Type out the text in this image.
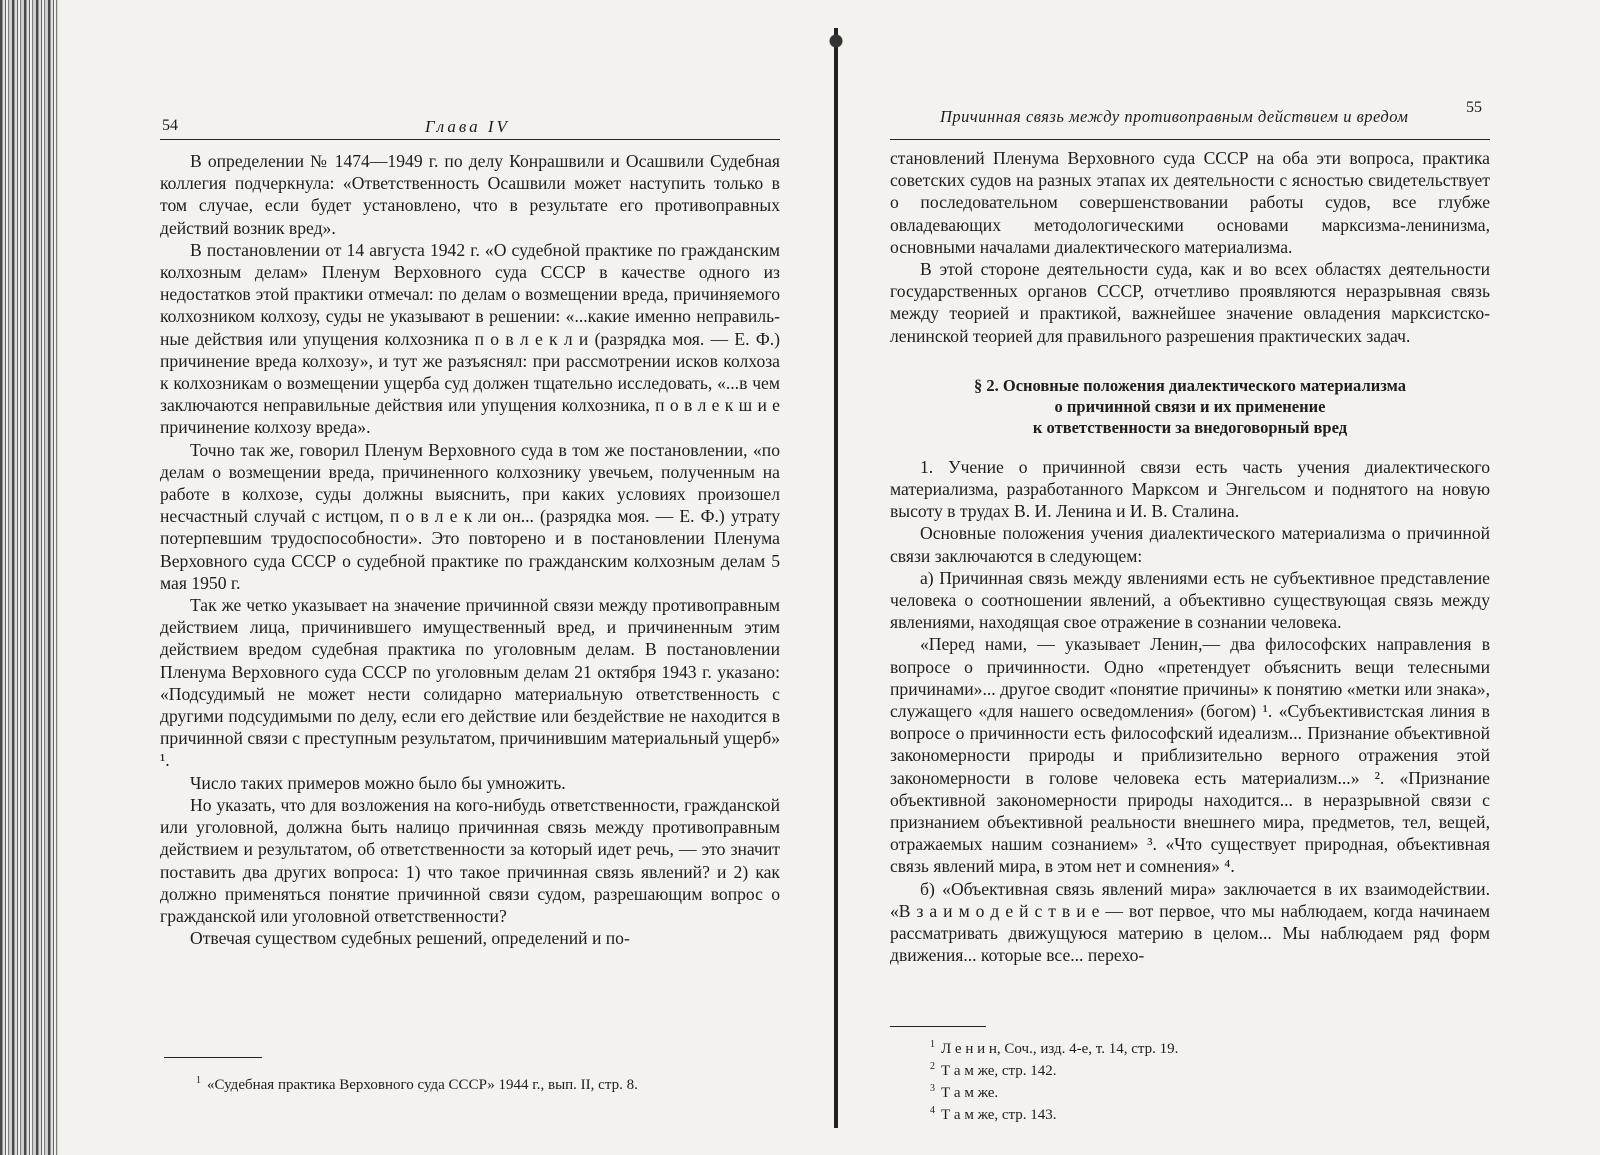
54	Глава IV

В определении № 1474—1949 г. по делу Конрашвили и Осашвили Судебная коллегия подчеркнула: «Ответственность Осашвили может наступить только в том случае, если будет установлено, что в результате его противоправных действий возник вред».

В постановлении от 14 августа 1942 г. «О судебной практике по гражданским колхозным делам» Пленум Верховного суда СССР в качестве одного из недостатков этой практики отмечал: по делам о возмещении вреда, причиняемого колхозником колхозу, суды не указывают в решении: «...какие именно неправильные действия или упущения колхозника п о в л е к л и (разрядка моя. — Е. Ф.) причинение вреда колхозу», и тут же разъяснял: при рассмотрении исков колхоза к колхозникам о возмещении ущерба суд должен тщательно исследовать, «...в чем заключаются неправильные действия или упущения колхозника, п о в л е к ш и е причинение колхозу вреда».

Точно так же, говорил Пленум Верховного суда в том же постановлении, «по делам о возмещении вреда, причиненного колхознику увечьем, полученным на работе в колхозе, суды должны выяснить, при каких условиях произошел несчастный случай с истцом, п о в л е к ли он... (разрядка моя. — Е. Ф.) утрату потерпевшим трудоспособности». Это повторено и в постановлении Пленума Верховного суда СССР о судебной практике по гражданским колхозным делам 5 мая 1950 г.

Так же четко указывает на значение причинной связи между противоправным действием лица, причинившего имущественный вред, и причиненным этим действием вредом судебная практика по уголовным делам. В постановлении Пленума Верховного суда СССР по уголовным делам 21 октября 1943 г. указано: «Подсудимый не может нести солидарно материальную ответственность с другими подсудимыми по делу, если его действие или бездействие не находится в причинной связи с преступным результатом, причинившим материальный ущерб» ¹.

Число таких примеров можно было бы умножить.

Но указать, что для возложения на кого-нибудь ответственности, гражданской или уголовной, должна быть налицо причинная связь между противоправным действием и результатом, об ответственности за который идет речь, — это значит поставить два других вопроса: 1) что такое причинная связь явлений? и 2) как должно применяться понятие причинной связи судом, разрешающим вопрос о гражданской или уголовной ответственности?

Отвечая существом судебных решений, определений и по-

$^1$ «Судебная практика Верховного суда СССР» 1944 г., вып. II, стр. 8.
Причинная связь между противоправным действием и вредом	55

становлений Пленума Верховного суда СССР на оба эти вопроса, практика советских судов на разных этапах их деятельности с ясностью свидетельствует о последовательном совершенствовании работы судов, все глубже овладевающих методологическими основами марксизма-ленинизма, основными началами диалектического материализма.

В этой стороне деятельности суда, как и во всех областях деятельности государственных органов СССР, отчетливо проявляются неразрывная связь между теорией и практикой, важнейшее значение овладения марксистско-ленинской теорией для правильного разрешения практических задач.

§ 2. Основные положения диалектического материализма
о причинной связи и их применение
к ответственности за внедоговорный вред

1. Учение о причинной связи есть часть учения диалектического материализма, разработанного Марксом и Энгельсом и поднятого на новую высоту в трудах В. И. Ленина и И. В. Сталина.

Основные положения учения диалектического материализма о причинной связи заключаются в следующем:

а) Причинная связь между явлениями есть не субъективное представление человека о соотношении явлений, а объективно существующая связь между явлениями, находящая свое отражение в сознании человека.

«Перед нами, — указывает Ленин,— два философских направления в вопросе о причинности. Одно «претендует объяснить вещи телесными причинами»... другое сводит «понятие причины» к понятию «метки или знака», служащего «для нашего осведомления» (богом) ¹. «Субъективистская линия в вопросе о причинности есть философский идеализм... Признание объективной закономерности природы и приблизительно верного отражения этой закономерности в голове человека есть материализм...» ². «Признание объективной закономерности природы находится... в неразрывной связи с признанием объективной реальности внешнего мира, предметов, тел, вещей, отражаемых нашим сознанием» ³. «Что существует природная, объективная связь явлений мира, в этом нет и сомнения» ⁴.

б) «Объективная связь явлений мира» заключается в их взаимодействии. «В з а и м о д е й с т в и е — вот первое, что мы наблюдаем, когда начинаем рассматривать движущуюся материю в целом... Мы наблюдаем ряд форм движения... которые все... перехо-

$^1$ Л е н и н, Соч., изд. 4-е, т. 14, стр. 19.
$^2$ Т а м же, стр. 142.
$^3$ Т а м же.
$^4$ Т а м же, стр. 143.
